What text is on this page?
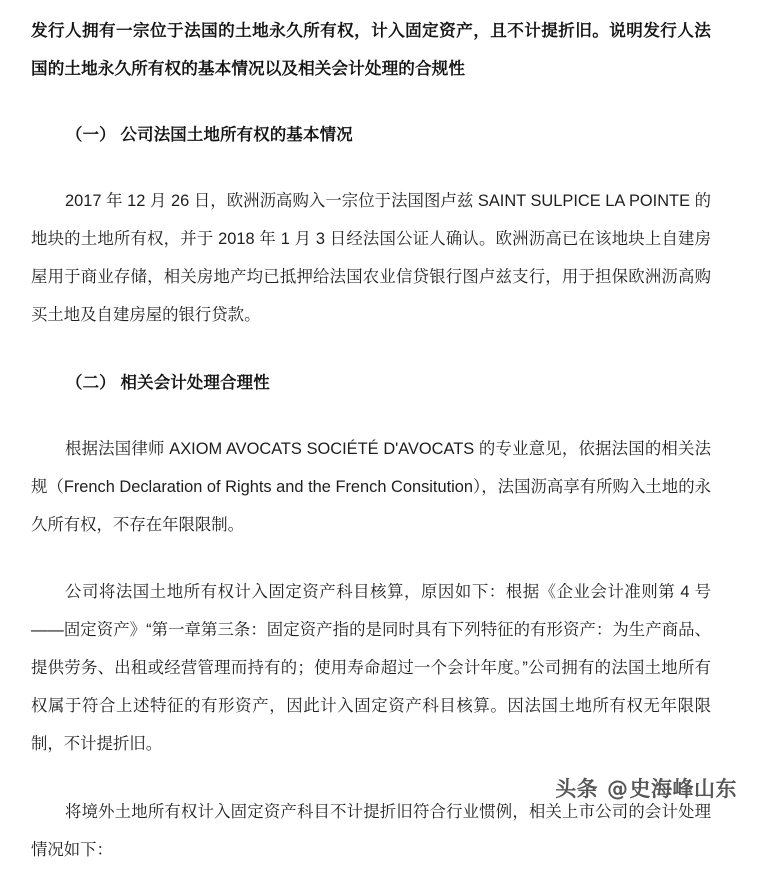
发行人拥有一宗位于法国的土地永久所有权，计入固定资产，且不计提折旧。说明发行人法国的土地永久所有权的基本情况以及相关会计处理的合规性
（一） 公司法国土地所有权的基本情况

2017 年 12 月 26 日，欧洲沥高购入一宗位于法国图卢兹 SAINT SULPICE LA POINTE 的地块的土地所有权，并于 2018 年 1 月 3 日经法国公证人确认。欧洲沥高已在该地块上自建房屋用于商业存储，相关房地产均已抵押给法国农业信贷银行图卢兹支行，用于担保欧洲沥高购买土地及自建房屋的银行贷款。

（二） 相关会计处理合理性

根据法国律师 AXIOM AVOCATS SOCIÉTÉ D'AVOCATS 的专业意见，依据法国的相关法规（French Declaration of Rights and the French Consitution），法国沥高享有所购入土地的永久所有权，不存在年限限制。

公司将法国土地所有权计入固定资产科目核算，原因如下：根据《企业会计准则第 4 号——固定资产》“第一章第三条：固定资产指的是同时具有下列特征的有形资产：为生产商品、提供劳务、出租或经营管理而持有的；使用寿命超过一个会计年度。”公司拥有的法国土地所有权属于符合上述特征的有形资产，因此计入固定资产科目核算。因法国土地所有权无年限限制，不计提折旧。

将境外土地所有权计入固定资产科目不计提折旧符合行业惯例，相关上市公司的会计处理情况如下：

头条 @史海峰山东
